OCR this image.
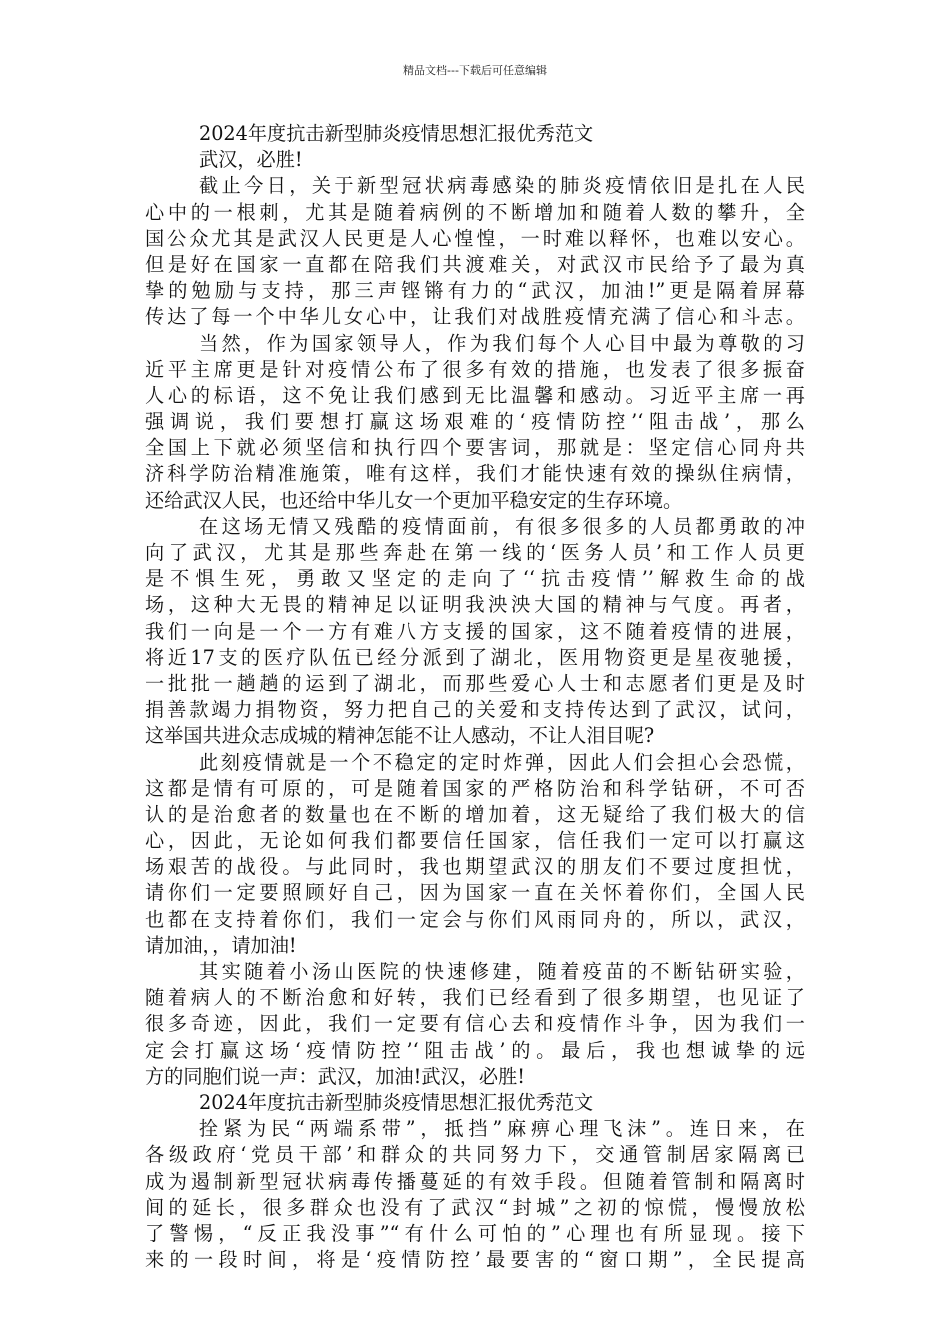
精品文档---下载后可任意编辑
2024年度抗击新型肺炎疫情思想汇报优秀范文
武汉，必胜!
截止今日，关于新型冠状病毒感染的肺炎疫情依旧是扎在人民
心中的一根刺，尤其是随着病例的不断增加和随着人数的攀升，全
国公众尤其是武汉人民更是人心惶惶，一时难以释怀，也难以安心。
但是好在国家一直都在陪我们共渡难关，对武汉市民给予了最为真
挚的勉励与支持，那三声铿锵有力的“武汉，加油!”更是隔着屏幕
传达了每一个中华儿女心中，让我们对战胜疫情充满了信心和斗志。
当然，作为国家领导人，作为我们每个人心目中最为尊敬的习
近平主席更是针对疫情公布了很多有效的措施，也发表了很多振奋
人心的标语，这不免让我们感到无比温馨和感动。习近平主席一再
强调说，我们要想打赢这场艰难的‘疫情防控’‘阻击战’，那么
全国上下就必须坚信和执行四个要害词，那就是：坚定信心同舟共
济科学防治精准施策，唯有这样，我们才能快速有效的操纵住病情，
还给武汉人民，也还给中华儿女一个更加平稳安定的生存环境。
在这场无情又残酷的疫情面前，有很多很多的人员都勇敢的冲
向了武汉，尤其是那些奔赴在第一线的‘医务人员’和工作人员更
是不惧生死，勇敢又坚定的走向了‘‘抗击疫情’’解救生命的战
场，这种大无畏的精神足以证明我泱泱大国的精神与气度。再者，
我们一向是一个一方有难八方支援的国家，这不随着疫情的进展，
将近17支的医疗队伍已经分派到了湖北，医用物资更是星夜驰援，
一批批一趟趟的运到了湖北，而那些爱心人士和志愿者们更是及时
捐善款竭力捐物资，努力把自己的关爱和支持传达到了武汉，试问，
这举国共进众志成城的精神怎能不让人感动，不让人泪目呢?
此刻疫情就是一个不稳定的定时炸弹，因此人们会担心会恐慌，
这都是情有可原的，可是随着国家的严格防治和科学钻研，不可否
认的是治愈者的数量也在不断的增加着，这无疑给了我们极大的信
心，因此，无论如何我们都要信任国家，信任我们一定可以打赢这
场艰苦的战役。与此同时，我也期望武汉的朋友们不要过度担忧，
请你们一定要照顾好自己，因为国家一直在关怀着你们，全国人民
也都在支持着你们，我们一定会与你们风雨同舟的，所以，武汉，
请加油，，请加油!
其实随着小汤山医院的快速修建，随着疫苗的不断钻研实验，
随着病人的不断治愈和好转，我们已经看到了很多期望，也见证了
很多奇迹，因此，我们一定要有信心去和疫情作斗争，因为我们一
定会打赢这场‘疫情防控’‘阻击战’的。最后，我也想诚挚的远
方的同胞们说一声：武汉，加油!武汉，必胜!
2024年度抗击新型肺炎疫情思想汇报优秀范文
拴紧为民“两端系带”，抵挡”麻痹心理飞沫”。连日来，在
各级政府‘党员干部’和群众的共同努力下，交通管制居家隔离已
成为遏制新型冠状病毒传播蔓延的有效手段。但随着管制和隔离时
间的延长，很多群众也没有了武汉“封城”之初的惊慌，慢慢放松
了警惕，“反正我没事”“有什么可怕的”心理也有所显现。接下
来的一段时间，将是‘疫情防控’最要害的“窗口期”，全民提高
